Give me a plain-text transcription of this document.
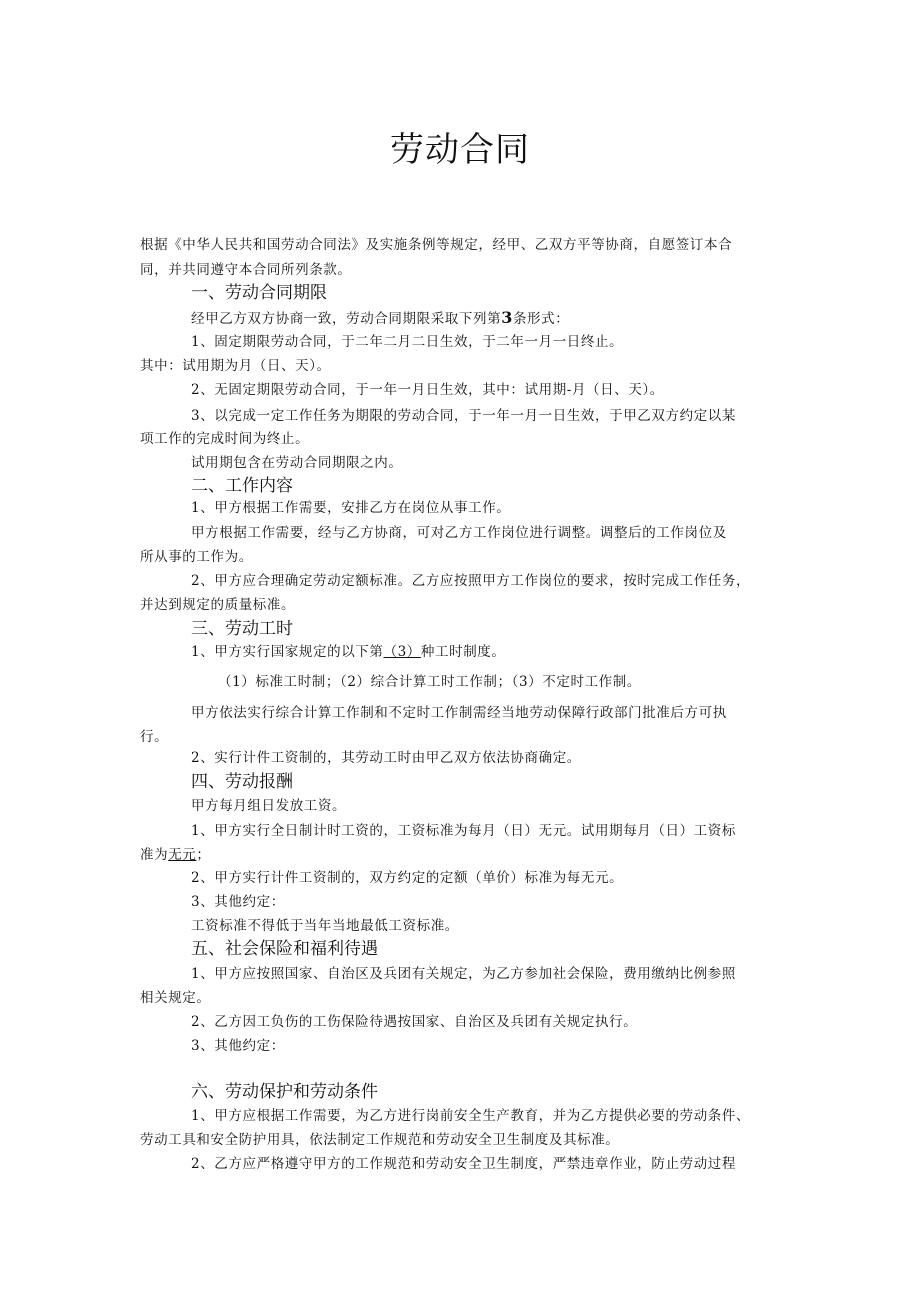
劳动合同
根据《中华人民共和国劳动合同法》及实施条例等规定，经甲、乙双方平等协商，自愿签订本合
同，并共同遵守本合同所列条款。
一、劳动合同期限
经甲乙方双方协商一致，劳动合同期限采取下列第3条形式：
1、固定期限劳动合同，于二年二月二日生效，于二年一月一日终止。
其中：试用期为月（日、天）。
2、无固定期限劳动合同，于一年一月日生效，其中：试用期-月（日、天）。
3、以完成一定工作任务为期限的劳动合同，于一年一月一日生效，于甲乙双方约定以某
项工作的完成时间为终止。
试用期包含在劳动合同期限之内。
二、工作内容
1、甲方根据工作需要，安排乙方在岗位从事工作。
甲方根据工作需要，经与乙方协商，可对乙方工作岗位进行调整。调整后的工作岗位及
所从事的工作为。
2、甲方应合理确定劳动定额标准。乙方应按照甲方工作岗位的要求，按时完成工作任务，
并达到规定的质量标准。
三、劳动工时
1、甲方实行国家规定的以下第（3）种工时制度。
（1）标准工时制；（2）综合计算工时工作制；（3）不定时工作制。
甲方依法实行综合计算工作制和不定时工作制需经当地劳动保障行政部门批准后方可执
行。
2、实行计件工资制的，其劳动工时由甲乙双方依法协商确定。
四、劳动报酬
甲方每月组日发放工资。
1、甲方实行全日制计时工资的，工资标准为每月（日）无元。试用期每月（日）工资标
准为无元；
2、甲方实行计件工资制的，双方约定的定额（单价）标准为每无元。
3、其他约定：
工资标准不得低于当年当地最低工资标准。
五、社会保险和福利待遇
1、甲方应按照国家、自治区及兵团有关规定，为乙方参加社会保险，费用缴纳比例参照
相关规定。
2、乙方因工负伤的工伤保险待遇按国家、自治区及兵团有关规定执行。
3、其他约定：
六、劳动保护和劳动条件
1、甲方应根据工作需要，为乙方进行岗前安全生产教育，并为乙方提供必要的劳动条件、
劳动工具和安全防护用具，依法制定工作规范和劳动安全卫生制度及其标准。
2、乙方应严格遵守甲方的工作规范和劳动安全卫生制度，严禁违章作业，防止劳动过程
